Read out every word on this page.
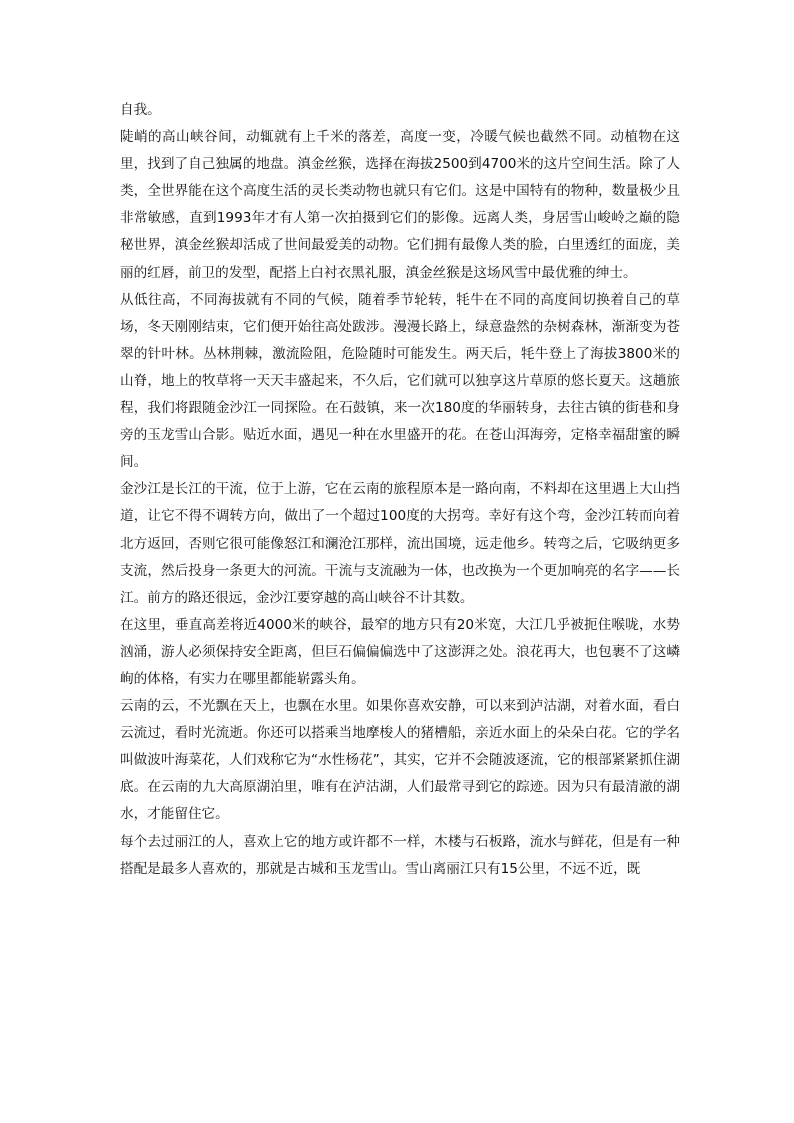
自我。

陡峭的高山峡谷间，动辄就有上千米的落差，高度一变，冷暖气候也截然不同。动植物在这里，找到了自己独属的地盘。滇金丝猴，选择在海拔2500到4700米的这片空间生活。除了人类，全世界能在这个高度生活的灵长类动物也就只有它们。这是中国特有的物种，数量极少且非常敏感，直到1993年才有人第一次拍摄到它们的影像。远离人类，身居雪山峻岭之巅的隐秘世界，滇金丝猴却活成了世间最爱美的动物。它们拥有最像人类的脸，白里透红的面庞，美丽的红唇，前卫的发型，配搭上白衬衣黑礼服，滇金丝猴是这场风雪中最优雅的绅士。

从低往高，不同海拔就有不同的气候，随着季节轮转，牦牛在不同的高度间切换着自己的草场，冬天刚刚结束，它们便开始往高处跋涉。漫漫长路上，绿意盎然的杂树森林，渐渐变为苍翠的针叶林。丛林荆棘，激流险阻，危险随时可能发生。两天后，牦牛登上了海拔3800米的山脊，地上的牧草将一天天丰盛起来，不久后，它们就可以独享这片草原的悠长夏天。这趟旅程，我们将跟随金沙江一同探险。在石鼓镇，来一次180度的华丽转身，去往古镇的街巷和身旁的玉龙雪山合影。贴近水面，遇见一种在水里盛开的花。在苍山洱海旁，定格幸福甜蜜的瞬间。

金沙江是长江的干流，位于上游，它在云南的旅程原本是一路向南，不料却在这里遇上大山挡道，让它不得不调转方向，做出了一个超过100度的大拐弯。幸好有这个弯，金沙江转而向着北方返回，否则它很可能像怒江和澜沧江那样，流出国境，远走他乡。转弯之后，它吸纳更多支流，然后投身一条更大的河流。干流与支流融为一体，也改换为一个更加响亮的名字——长江。前方的路还很远，金沙江要穿越的高山峡谷不计其数。

在这里，垂直高差将近4000米的峡谷，最窄的地方只有20米宽，大江几乎被扼住喉咙，水势汹涌，游人必须保持安全距离，但巨石偏偏偏选中了这澎湃之处。浪花再大，也包裹不了这嶙峋的体格，有实力在哪里都能崭露头角。

云南的云，不光飘在天上，也飘在水里。如果你喜欢安静，可以来到泸沽湖，对着水面，看白云流过，看时光流逝。你还可以搭乘当地摩梭人的猪槽船，亲近水面上的朵朵白花。它的学名叫做波叶海菜花，人们戏称它为“水性杨花”，其实，它并不会随波逐流，它的根部紧紧抓住湖底。在云南的九大高原湖泊里，唯有在泸沽湖，人们最常寻到它的踪迹。因为只有最清澈的湖水，才能留住它。

每个去过丽江的人，喜欢上它的地方或许都不一样，木楼与石板路，流水与鲜花，但是有一种搭配是最多人喜欢的，那就是古城和玉龙雪山。雪山离丽江只有15公里，不远不近，既
